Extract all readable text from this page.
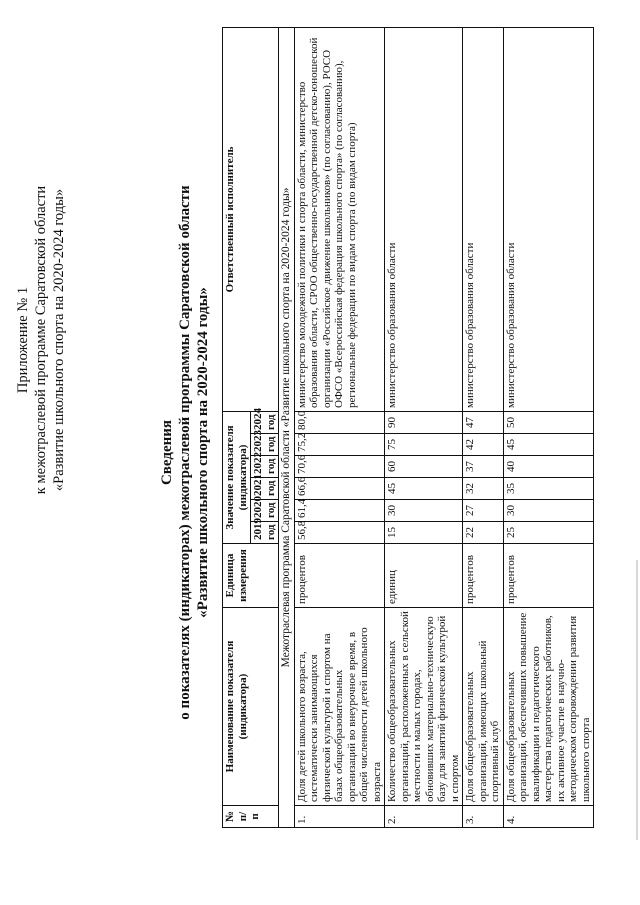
Приложение № 1 к межотраслевой программе Саратовской области «Развитие школьного спорта на 2020-2024 годы»	Сведения о показателях (индикаторах) межотраслевой программы Саратовской области «Развитие школьного спорта на 2020-2024 годы»
№ п/п	Наименование показателя (индикатора)	Единица измерения	Значение показателя (индикатора)						Ответственный исполнитель
			2019 год	2020 год	2021 год	2022 год	2023 год	2024 год	
Межотраслевая программа Саратовской области «Развитие школьного спорта на 2020-2024 годы»									
1.	Доля детей школьного возраста, систематически занимающихся физической культурой и спортом на базах общеобразовательных организаций во внеурочное время, в общей численности детей школьного возраста	процентов	56,8	61,4	66,6	70,6	75,2	80,0	министерство молодежной политики и спорта области, министерство образования области, СРОО общественно-государственной детско-юношеской организации «Российское движение школьников» (по согласованию), РОСО ОФСО «Всероссийская федерация школьного спорта» (по согласованию), региональные федерации по видам спорта (по видам спорта)
2.	Количество общеобразовательных организаций, расположенных в сельской местности и малых городах, обновивших материально-техническую базу для занятий физической культурой и спортом	единиц	15	30	45	60	75	90	министерство образования области
3.	Доля общеобразовательных организаций, имеющих школьный спортивный клуб	процентов	22	27	32	37	42	47	министерство образования области
4.	Доля общеобразовательных организаций, обеспечивших повышение квалификации и педагогического мастерства педагогических работников, их активное участие в научно-методическом сопровождении развития школьного спорта	процентов	25	30	35	40	45	50	министерство образования области
